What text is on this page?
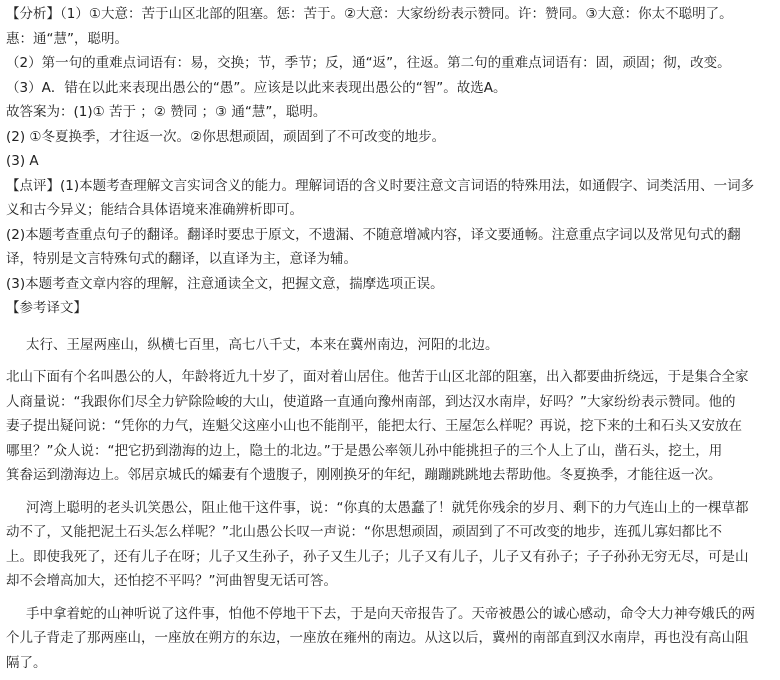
【分析】（1）①大意：苦于山区北部的阻塞。惩：苦于。②大意：大家纷纷表示赞同。许：赞同。③大意：你太不聪明了。
惠：通“慧”，聪明。
（2）第一句的重难点词语有：易，交换；节，季节；反，通“返”，往返。第二句的重难点词语有：固，顽固；彻，改变。
（3）A．错在以此来表现出愚公的“愚”。应该是以此来表现出愚公的“智”。故选A。
故答案为：(1)① 苦于 ；② 赞同 ；③ 通“慧”，聪明。
(2) ①冬夏换季，才往返一次。②你思想顽固，顽固到了不可改变的地步。
(3) A
【点评】(1)本题考查理解文言实词含义的能力。理解词语的含义时要注意文言词语的特殊用法，如通假字、词类活用、一词多
义和古今异义；能结合具体语境来准确辨析即可。
(2)本题考查重点句子的翻译。翻译时要忠于原文，不遗漏、不随意增减内容，译文要通畅。注意重点字词以及常见句式的翻
译，特别是文言特殊句式的翻译，以直译为主，意译为辅。
(3)本题考查文章内容的理解，注意通读全文，把握文意，揣摩选项正误。
【参考译文】

太行、王屋两座山，纵横七百里，高七八千丈，本来在冀州南边，河阳的北边。

北山下面有个名叫愚公的人，年龄将近九十岁了，面对着山居住。他苦于山区北部的阻塞，出入都要曲折绕远，于是集合全家
人商量说：“我跟你们尽全力铲除险峻的大山，使道路一直通向豫州南部，到达汉水南岸，好吗？”大家纷纷表示赞同。他的
妻子提出疑问说：“凭你的力气，连魁父这座小山也不能削平，能把太行、王屋怎么样呢？再说，挖下来的土和石头又安放在
哪里？”众人说：“把它扔到渤海的边上，隐土的北边。”于是愚公率领儿孙中能挑担子的三个人上了山，凿石头，挖土，用
箕畚运到渤海边上。邻居京城氏的孀妻有个遗腹子，刚刚换牙的年纪，蹦蹦跳跳地去帮助他。冬夏换季，才能往返一次。

河湾上聪明的老头讥笑愚公，阻止他干这件事，说：“你真的太愚蠢了！就凭你残余的岁月、剩下的力气连山上的一棵草都
动不了，又能把泥土石头怎么样呢？”北山愚公长叹一声说：“你思想顽固，顽固到了不可改变的地步，连孤儿寡妇都比不
上。即使我死了，还有儿子在呀；儿子又生孙子，孙子又生儿子；儿子又有儿子，儿子又有孙子；子子孙孙无穷无尽，可是山
却不会增高加大，还怕挖不平吗？”河曲智叟无话可答。

手中拿着蛇的山神听说了这件事，怕他不停地干下去，于是向天帝报告了。天帝被愚公的诚心感动，命令大力神夸娥氏的两
个儿子背走了那两座山，一座放在朔方的东边，一座放在雍州的南边。从这以后，冀州的南部直到汉水南岸，再也没有高山阻
隔了。
